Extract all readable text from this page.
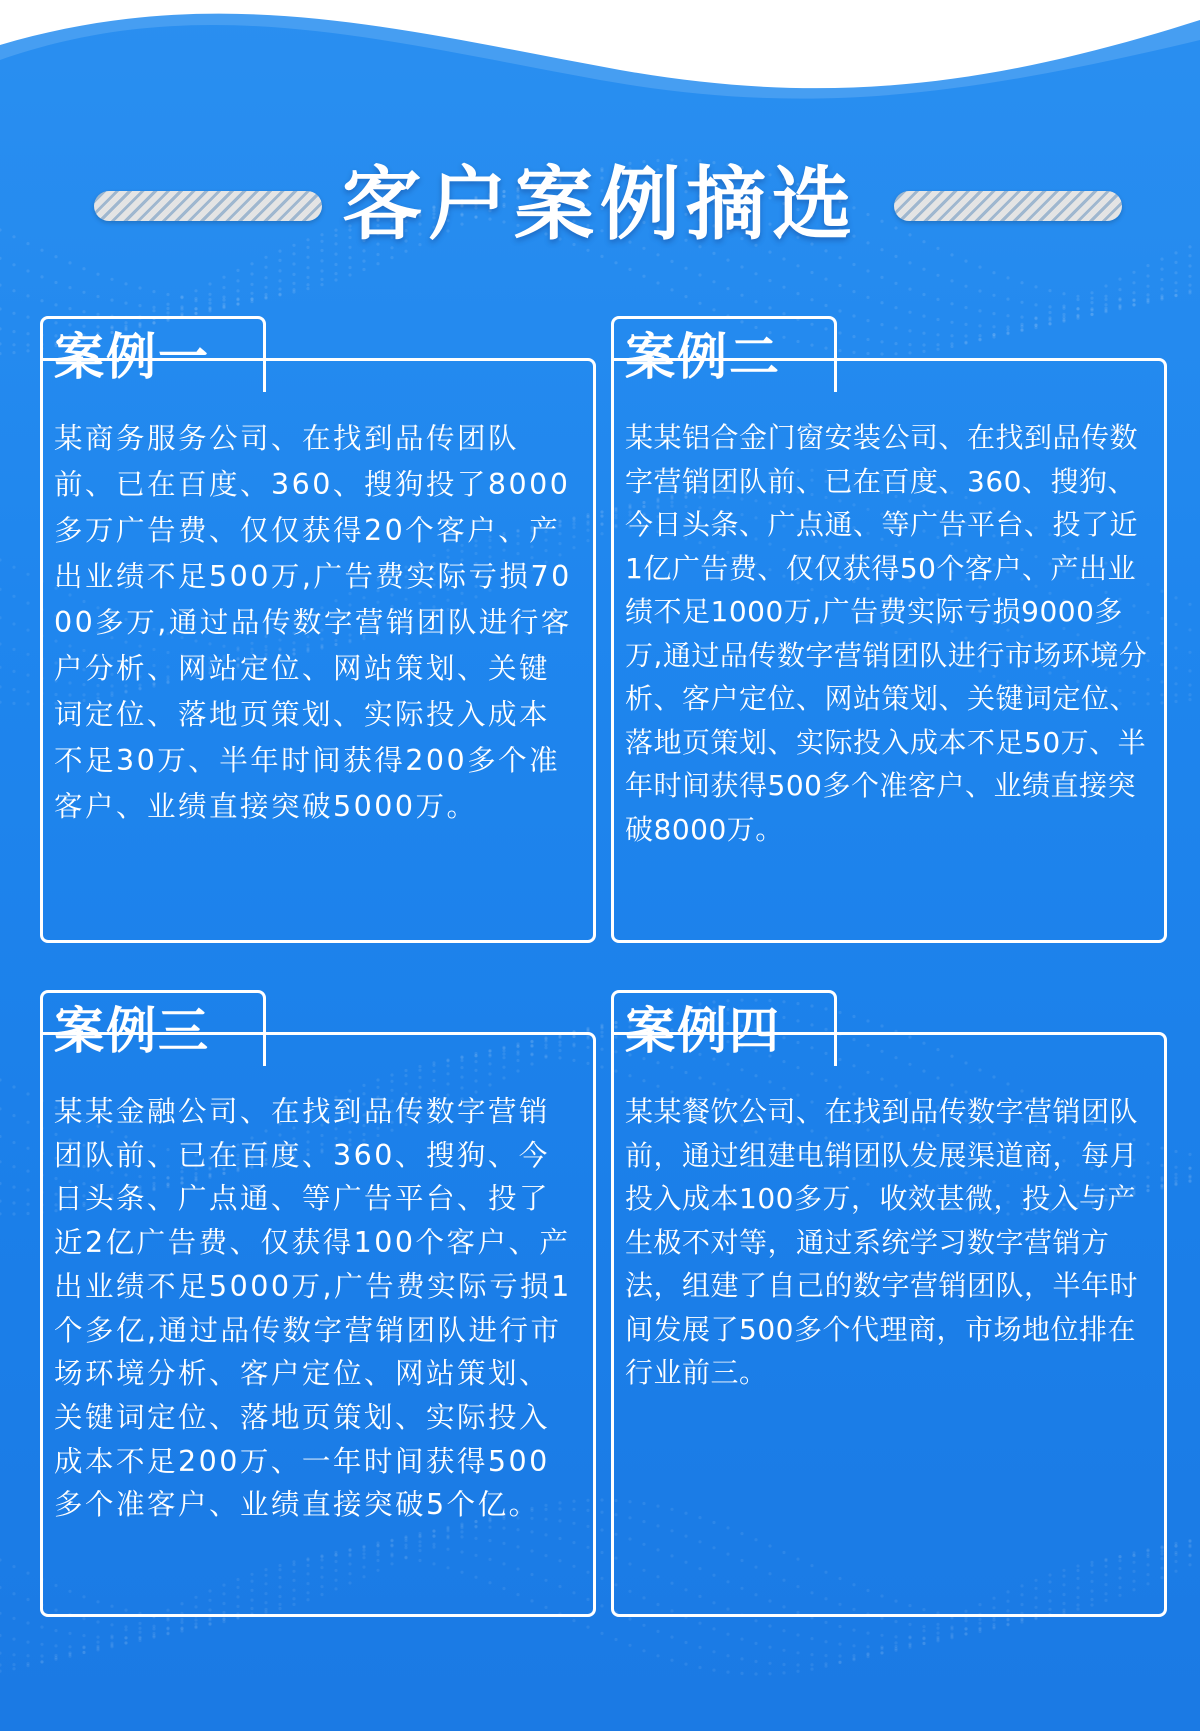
客户案例摘选
案例一

某商务服务公司、在找到品传团队前、已在百度、360、搜狗投了8000多万广告费、仅仅获得20个客户、产出业绩不足500万,广告费实际亏损7000多万,通过品传数字营销团队进行客户分析、网站定位、网站策划、关键词定位、落地页策划、实际投入成本不足30万、半年时间获得200多个准客户、业绩直接突破5000万。

案例二

某某铝合金门窗安装公司、在找到品传数字营销团队前、已在百度、360、搜狗、今日头条、广点通、等广告平台、投了近1亿广告费、仅仅获得50个客户、产出业绩不足1000万,广告费实际亏损9000多万,通过品传数字营销团队进行市场环境分析、客户定位、网站策划、关键词定位、落地页策划、实际投入成本不足50万、半年时间获得500多个准客户、业绩直接突破8000万。

案例三

某某金融公司、在找到品传数字营销团队前、已在百度、360、搜狗、今日头条、广点通、等广告平台、投了近2亿广告费、仅获得100个客户、产出业绩不足5000万,广告费实际亏损1个多亿,通过品传数字营销团队进行市场环境分析、客户定位、网站策划、关键词定位、落地页策划、实际投入成本不足200万、一年时间获得500多个准客户、业绩直接突破5个亿。

案例四

某某餐饮公司、在找到品传数字营销团队前，通过组建电销团队发展渠道商，每月投入成本100多万，收效甚微，投入与产生极不对等，通过系统学习数字营销方法，组建了自己的数字营销团队，半年时间发展了500多个代理商，市场地位排在行业前三。
